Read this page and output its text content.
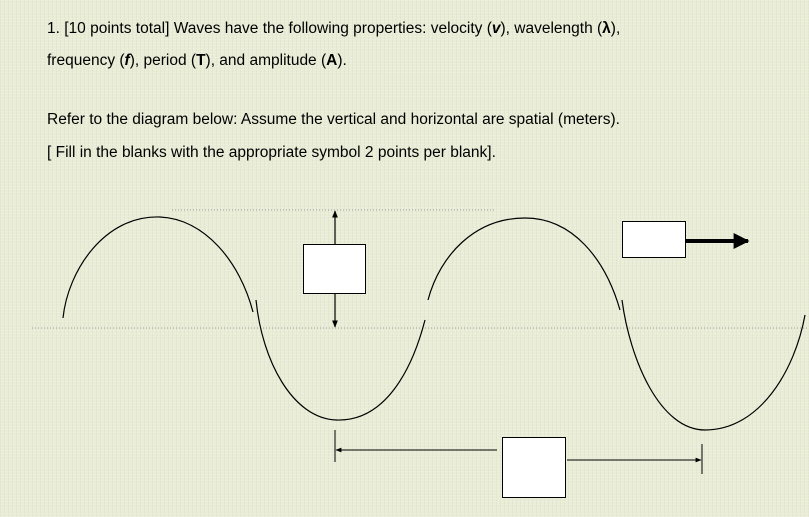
1. [10 points total] Waves have the following properties: velocity (v), wavelength (λ),
frequency (f), period (T), and amplitude (A).
Refer to the diagram below: Assume the vertical and horizontal are spatial (meters).
[ Fill in the blanks with the appropriate symbol 2 points per blank].
